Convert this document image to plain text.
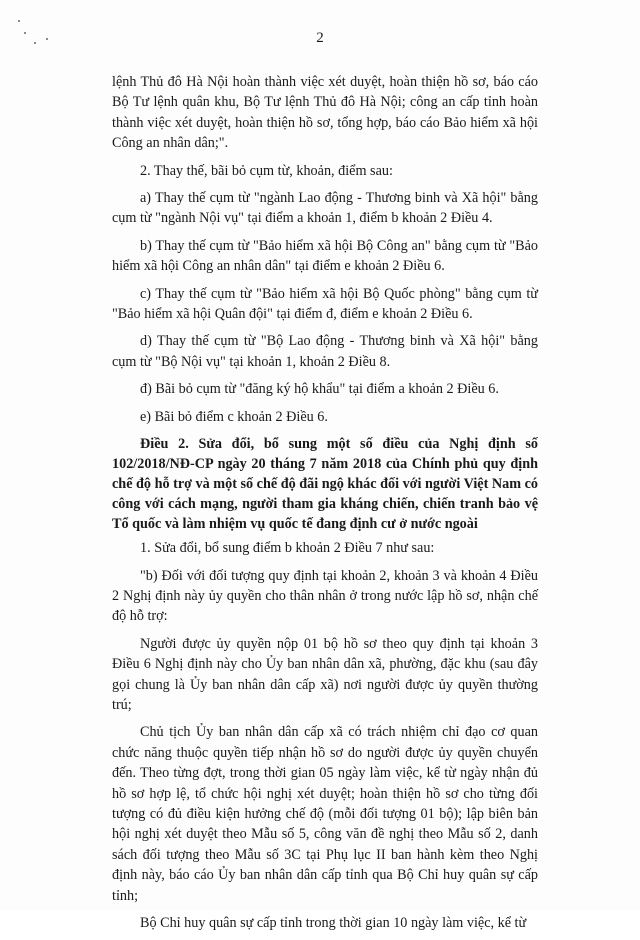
2

lệnh Thủ đô Hà Nội hoàn thành việc xét duyệt, hoàn thiện hồ sơ, báo cáo Bộ Tư lệnh quân khu, Bộ Tư lệnh Thủ đô Hà Nội; công an cấp tỉnh hoàn thành việc xét duyệt, hoàn thiện hồ sơ, tổng hợp, báo cáo Bảo hiểm xã hội Công an nhân dân;".

2. Thay thế, bãi bỏ cụm từ, khoản, điểm sau:

a) Thay thế cụm từ "ngành Lao động - Thương binh và Xã hội" bằng cụm từ "ngành Nội vụ" tại điểm a khoản 1, điểm b khoản 2 Điều 4.

b) Thay thế cụm từ "Bảo hiểm xã hội Bộ Công an" bằng cụm từ "Bảo hiểm xã hội Công an nhân dân" tại điểm e khoản 2 Điều 6.

c) Thay thế cụm từ "Bảo hiểm xã hội Bộ Quốc phòng" bằng cụm từ "Bảo hiểm xã hội Quân đội" tại điểm đ, điểm e khoản 2 Điều 6.

d) Thay thế cụm từ "Bộ Lao động - Thương binh và Xã hội" bằng cụm từ "Bộ Nội vụ" tại khoản 1, khoản 2 Điều 8.

đ) Bãi bỏ cụm từ "đăng ký hộ khẩu" tại điểm a khoản 2 Điều 6.

e) Bãi bỏ điểm c khoản 2 Điều 6.

Điều 2. Sửa đổi, bổ sung một số điều của Nghị định số 102/2018/NĐ-CP ngày 20 tháng 7 năm 2018 của Chính phủ quy định chế độ hỗ trợ và một số chế độ đãi ngộ khác đối với người Việt Nam có công với cách mạng, người tham gia kháng chiến, chiến tranh bảo vệ Tổ quốc và làm nhiệm vụ quốc tế đang định cư ở nước ngoài

1. Sửa đổi, bổ sung điểm b khoản 2 Điều 7 như sau:

"b) Đối với đối tượng quy định tại khoản 2, khoản 3 và khoản 4 Điều 2 Nghị định này ủy quyền cho thân nhân ở trong nước lập hồ sơ, nhận chế độ hỗ trợ:

Người được ủy quyền nộp 01 bộ hồ sơ theo quy định tại khoản 3 Điều 6 Nghị định này cho Ủy ban nhân dân xã, phường, đặc khu (sau đây gọi chung là Ủy ban nhân dân cấp xã) nơi người được ủy quyền thường trú;

Chủ tịch Ủy ban nhân dân cấp xã có trách nhiệm chỉ đạo cơ quan chức năng thuộc quyền tiếp nhận hồ sơ do người được ủy quyền chuyển đến. Theo từng đợt, trong thời gian 05 ngày làm việc, kể từ ngày nhận đủ hồ sơ hợp lệ, tổ chức hội nghị xét duyệt; hoàn thiện hồ sơ cho từng đối tượng có đủ điều kiện hưởng chế độ (mỗi đối tượng 01 bộ); lập biên bản hội nghị xét duyệt theo Mẫu số 5, công văn đề nghị theo Mẫu số 2, danh sách đối tượng theo Mẫu số 3C tại Phụ lục II ban hành kèm theo Nghị định này, báo cáo Ủy ban nhân dân cấp tỉnh qua Bộ Chỉ huy quân sự cấp tỉnh;

Bộ Chỉ huy quân sự cấp tỉnh trong thời gian 10 ngày làm việc, kể từ
